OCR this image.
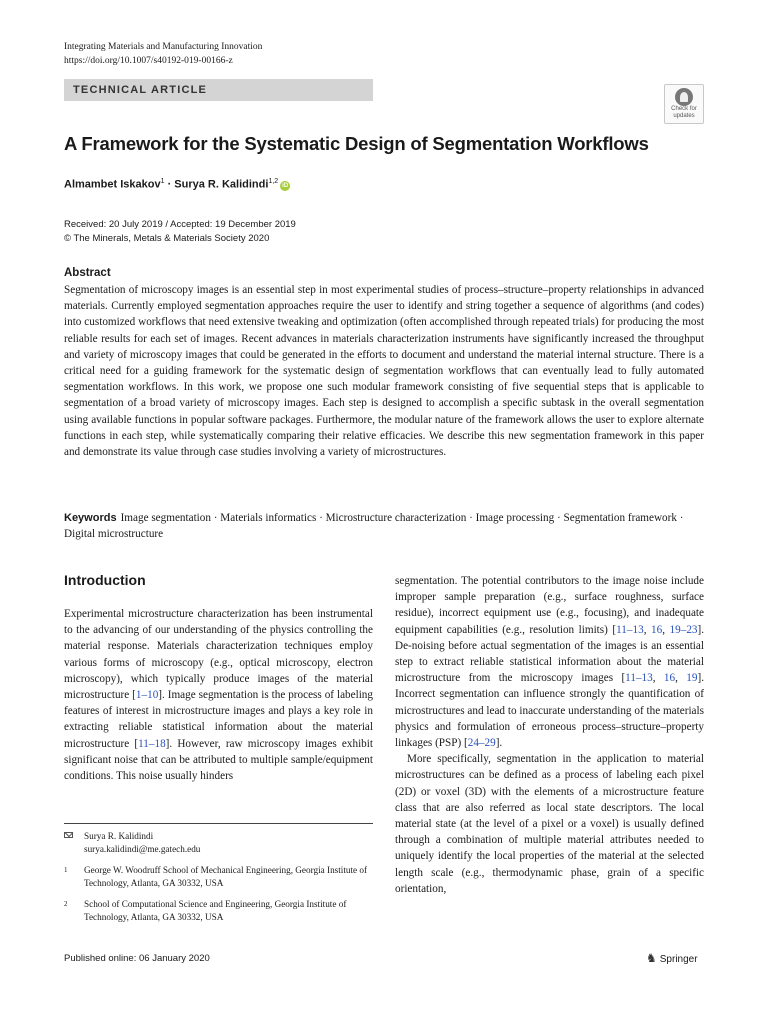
Integrating Materials and Manufacturing Innovation
https://doi.org/10.1007/s40192-019-00166-z
TECHNICAL ARTICLE
Check for
updates
A Framework for the Systematic Design of Segmentation Workflows
Almambet Iskakov$^1$ · Surya R. Kalidindi$^{1,2}$iD
Received: 20 July 2019 / Accepted: 19 December 2019
© The Minerals, Metals & Materials Society 2020
Abstract
Segmentation of microscopy images is an essential step in most experimental studies of process–structure–property relationships in advanced materials. Currently employed segmentation approaches require the user to identify and string together a sequence of algorithms (and codes) into customized workflows that need extensive tweaking and optimization (often accomplished through repeated trials) for producing the most reliable results for each set of images. Recent advances in materials characterization instruments have significantly increased the throughput and variety of microscopy images that could be generated in the efforts to document and understand the material internal structure. There is a critical need for a guiding framework for the systematic design of segmentation workflows that can eventually lead to fully automated segmentation workflows. In this work, we propose one such modular framework consisting of five sequential steps that is applicable to segmentation of a broad variety of microscopy images. Each step is designed to accomplish a specific subtask in the overall segmentation using available functions in popular software packages. Furthermore, the modular nature of the framework allows the user to explore alternate functions in each step, while systematically comparing their relative efficacies. We describe this new segmentation framework in this paper and demonstrate its value through case studies involving a variety of microstructures.
Keywords Image segmentation · Materials informatics · Microstructure characterization · Image processing · Segmentation framework · Digital microstructure
Introduction

Experimental microstructure characterization has been instrumental to the advancing of our understanding of the physics controlling the material response. Materials characterization techniques employ various forms of microscopy (e.g., optical microscopy, electron microscopy), which typically produce images of the material microstructure [1–10]. Image segmentation is the process of labeling features of interest in microstructure images and plays a key role in extracting reliable statistical information about the material microstructure [11–18]. However, raw microscopy images exhibit significant noise that can be attributed to multiple sample/equipment conditions. This noise usually hinders

segmentation. The potential contributors to the image noise include improper sample preparation (e.g., surface roughness, surface residue), incorrect equipment use (e.g., focusing), and inadequate equipment capabilities (e.g., resolution limits) [11–13, 16, 19–23]. De-noising before actual segmentation of the images is an essential step to extract reliable statistical information about the material microstructure from the microscopy images [11–13, 16, 19]. Incorrect segmentation can influence strongly the quantification of microstructures and lead to inaccurate understanding of the materials physics and formulation of erroneous process–structure–property linkages (PSP) [24–29].

More specifically, segmentation in the application to material microstructures can be defined as a process of labeling each pixel (2D) or voxel (3D) with the elements of a microstructure feature class that are also referred as local state descriptors. The local material state (at the level of a pixel or a voxel) is usually defined through a combination of multiple material attributes needed to uniquely identify the local properties of the material at the selected length scale (e.g., thermodynamic phase, grain of a specific orientation,

Surya R. Kalidindi
surya.kalidindi@me.gatech.edu
1 George W. Woodruff School of Mechanical Engineering, Georgia Institute of Technology, Atlanta, GA 30332, USA
2 School of Computational Science and Engineering, Georgia Institute of Technology, Atlanta, GA 30332, USA
Published online: 06 January 2020	♞ Springer
